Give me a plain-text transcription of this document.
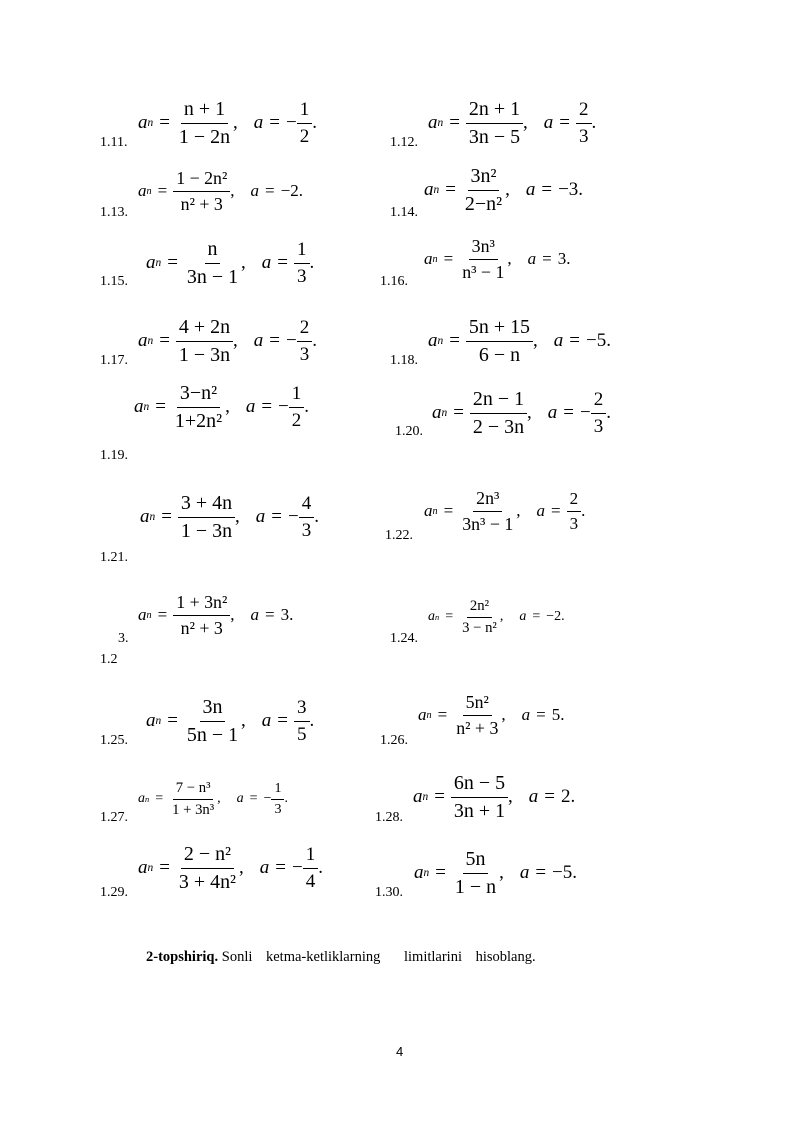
1.11.
a $n = \frac{n + 1}{1 - 2n}$ , a = − $\frac{1}{2}$ .
1.12.
a $n = \frac{2n + 1}{3n - 5}$ , $a = \frac{2}{3}$ .
1.13.
a $n = \frac{\text{1 − 2n²}}{\text{n² + 3}}$ , a = −2 .
1.14.
a $n = \frac{\text{3n²}}{\text{2−n²}}$ , a = −3 .
1.15.
a $n = \frac{n}{3n - 1}$ , $a = \frac{1}{3}$ .
1.16.
a $n = \frac{\text{3n³}}{\text{n³ − 1}}$ , a = 3 .
1.17.
a $n = \frac{4 + 2n}{1 - 3n}$ , a = − $\frac{2}{3}$ .
1.18.
a $n = \frac{5n + 15}{6 - n}$ , a = −5 .
1.19.
a $n = \frac{\text{3−n²}}{\text{1+2n²}}$ , a = − $\frac{1}{2}$ .
1.20.
a $n = \frac{2n - 1}{2 - 3n}$ , a = − $\frac{2}{3}$ .
1.21.
a $n = \frac{3 + 4n}{1 - 3n}$ , a = − $\frac{4}{3}$ .
1.22.
a $n = \frac{\text{2n³}}{\text{3n³ − 1}}$ , $a = \frac{2}{3}$ .
3.
1.2
a $n = \frac{\text{1 + 3n²}}{\text{n² + 3}}$ , a = 3 .
1.24.
a $n = \frac{\text{2n²}}{\text{3 − n²}}$ , a = −2 .
1.25.
a $n = \frac{3n}{5n - 1}$ , $a = \frac{3}{5}$ .
1.26.
a $n = \frac{\text{5n²}}{\text{n² + 3}}$ , a = 5 .
1.27.
a $n = \frac{\text{7 − n³}}{\text{1 + 3n³}}$ , a = − $\frac{1}{3}$ .
1.28.
a $n = \frac{6n - 5}{3n + 1}$ , a = 2 .
1.29.
a $n = \frac{\text{2 − n²}}{\text{3 + 4n²}}$ , a = − $\frac{1}{4}$ .
1.30.
a $n = \frac{5n}{1 - n}$ , a = −5 .
2-topshiriq. Sonli ketma-ketliklarning limitlarini hisoblang.
4
